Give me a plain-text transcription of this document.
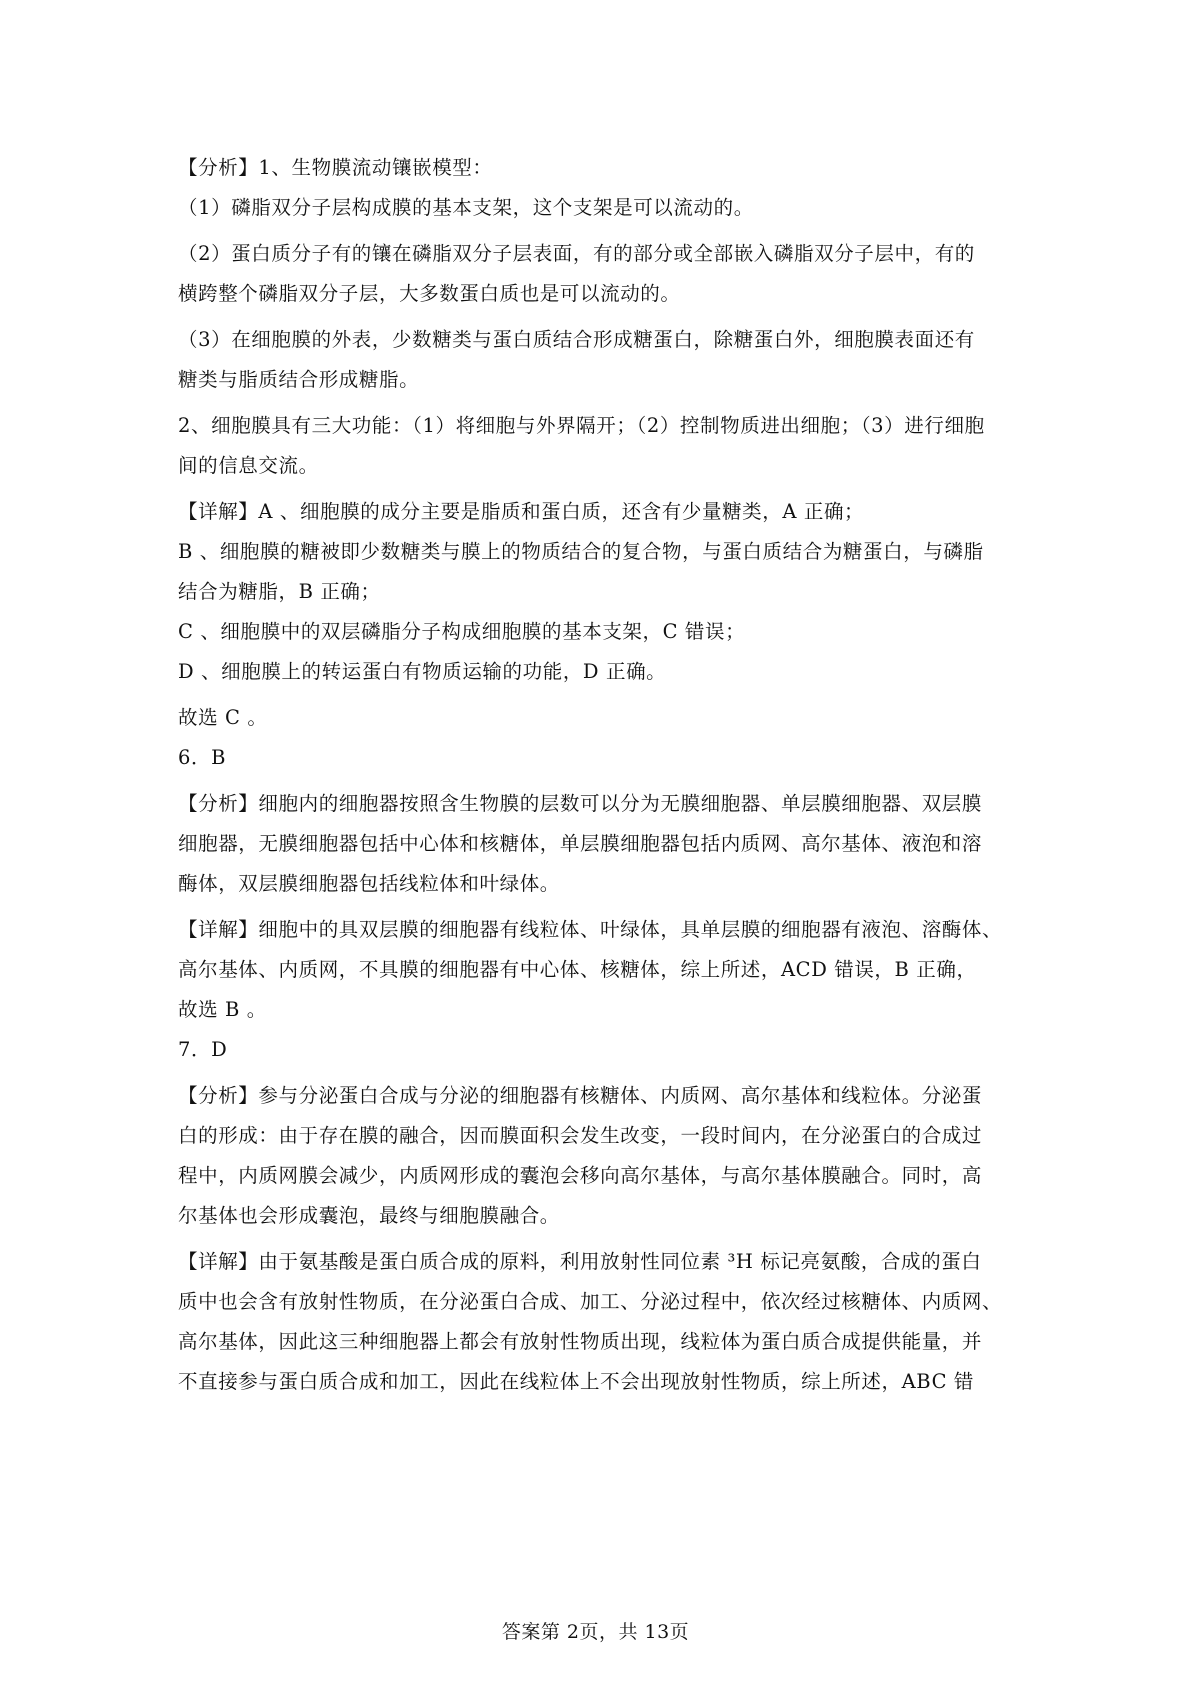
【分析】1、生物膜流动镶嵌模型：
（1）磷脂双分子层构成膜的基本支架，这个支架是可以流动的。
（2）蛋白质分子有的镶在磷脂双分子层表面，有的部分或全部嵌入磷脂双分子层中，有的
横跨整个磷脂双分子层，大多数蛋白质也是可以流动的。
（3）在细胞膜的外表，少数糖类与蛋白质结合形成糖蛋白，除糖蛋白外，细胞膜表面还有
糖类与脂质结合形成糖脂。
2、细胞膜具有三大功能：（1）将细胞与外界隔开；（2）控制物质进出细胞；（3）进行细胞
间的信息交流。
【详解】A 、细胞膜的成分主要是脂质和蛋白质，还含有少量糖类，A 正确；
B 、细胞膜的糖被即少数糖类与膜上的物质结合的复合物，与蛋白质结合为糖蛋白，与磷脂
结合为糖脂，B 正确；
C 、细胞膜中的双层磷脂分子构成细胞膜的基本支架，C 错误；
D 、细胞膜上的转运蛋白有物质运输的功能，D 正确。
故选 C 。
6．B
【分析】细胞内的细胞器按照含生物膜的层数可以分为无膜细胞器、单层膜细胞器、双层膜
细胞器，无膜细胞器包括中心体和核糖体，单层膜细胞器包括内质网、高尔基体、液泡和溶
酶体，双层膜细胞器包括线粒体和叶绿体。
【详解】细胞中的具双层膜的细胞器有线粒体、叶绿体，具单层膜的细胞器有液泡、溶酶体、
高尔基体、内质网，不具膜的细胞器有中心体、核糖体，综上所述，ACD 错误，B 正确，
故选 B 。
7．D
【分析】参与分泌蛋白合成与分泌的细胞器有核糖体、内质网、高尔基体和线粒体。分泌蛋
白的形成：由于存在膜的融合，因而膜面积会发生改变，一段时间内，在分泌蛋白的合成过
程中，内质网膜会减少，内质网形成的囊泡会移向高尔基体，与高尔基体膜融合。同时，高
尔基体也会形成囊泡，最终与细胞膜融合。
【详解】由于氨基酸是蛋白质合成的原料，利用放射性同位素 ³H 标记亮氨酸，合成的蛋白
质中也会含有放射性物质，在分泌蛋白合成、加工、分泌过程中，依次经过核糖体、内质网、
高尔基体，因此这三种细胞器上都会有放射性物质出现，线粒体为蛋白质合成提供能量，并
不直接参与蛋白质合成和加工，因此在线粒体上不会出现放射性物质，综上所述，ABC 错
答案第 2页，共 13页
